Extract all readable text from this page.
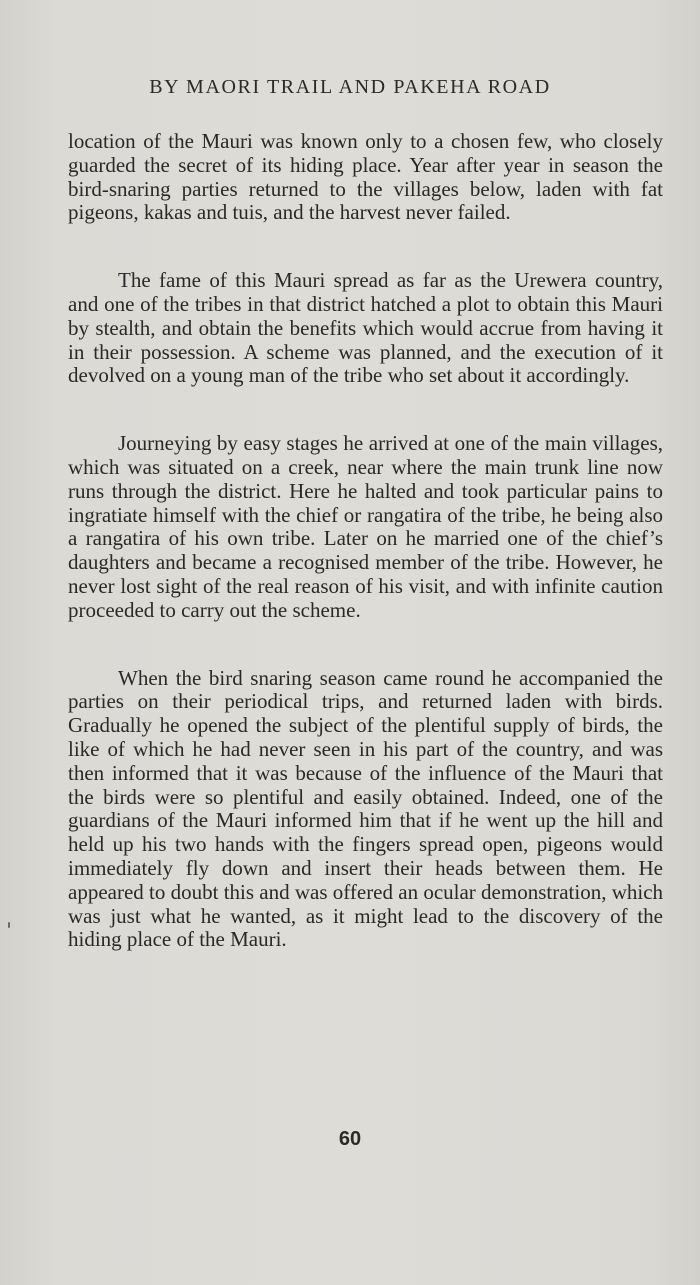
BY MAORI TRAIL AND PAKEHA ROAD

location of the Mauri was known only to a chosen few, who closely guarded the secret of its hiding place. Year after year in season the bird-snaring parties returned to the villages below, laden with fat pigeons, kakas and tuis, and the harvest never failed.

The fame of this Mauri spread as far as the Urewera country, and one of the tribes in that district hatched a plot to obtain this Mauri by stealth, and obtain the benefits which would accrue from having it in their possession. A scheme was planned, and the execution of it devolved on a young man of the tribe who set about it accordingly.

Journeying by easy stages he arrived at one of the main villages, which was situated on a creek, near where the main trunk line now runs through the district. Here he halted and took particular pains to ingratiate himself with the chief or rangatira of the tribe, he being also a rangatira of his own tribe. Later on he married one of the chief’s daughters and became a recognised member of the tribe. However, he never lost sight of the real reason of his visit, and with infinite caution proceeded to carry out the scheme.

When the bird snaring season came round he accompanied the parties on their periodical trips, and returned laden with birds. Gradually he opened the subject of the plentiful supply of birds, the like of which he had never seen in his part of the country, and was then informed that it was because of the influence of the Mauri that the birds were so plentiful and easily obtained. Indeed, one of the guardians of the Mauri informed him that if he went up the hill and held up his two hands with the fingers spread open, pigeons would immediately fly down and insert their heads between them. He appeared to doubt this and was offered an ocular demonstration, which was just what he wanted, as it might lead to the discovery of the hiding place of the Mauri.

60
